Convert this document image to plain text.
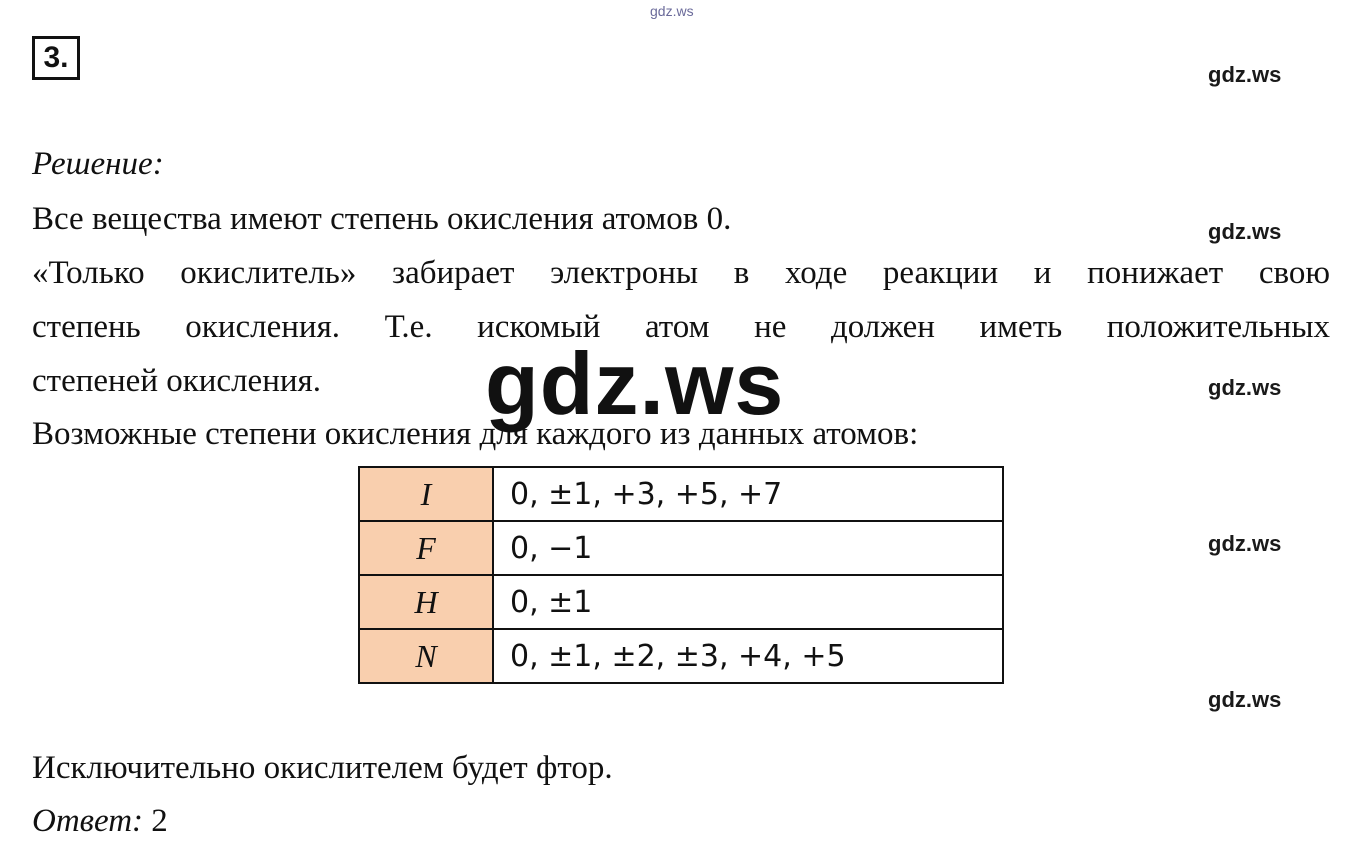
gdz.ws
3.
gdz.ws
gdz.ws
gdz.ws
gdz.ws
gdz.ws
Решение:
Все вещества имеют степень окисления атомов 0.
«Только окислитель» забирает электроны в ходе реакции и понижает свою
степень окисления. Т.е. искомый атом не должен иметь положительных
степеней окисления.
Возможные степени окисления для каждого из данных атомов:
I	0, ±1, +3, +5, +7
F	0, −1
H	0, ±1
N	0, ±1, ±2, ±3, +4, +5
Исключительно окислителем будет фтор.
Ответ: 2
gdz.ws
